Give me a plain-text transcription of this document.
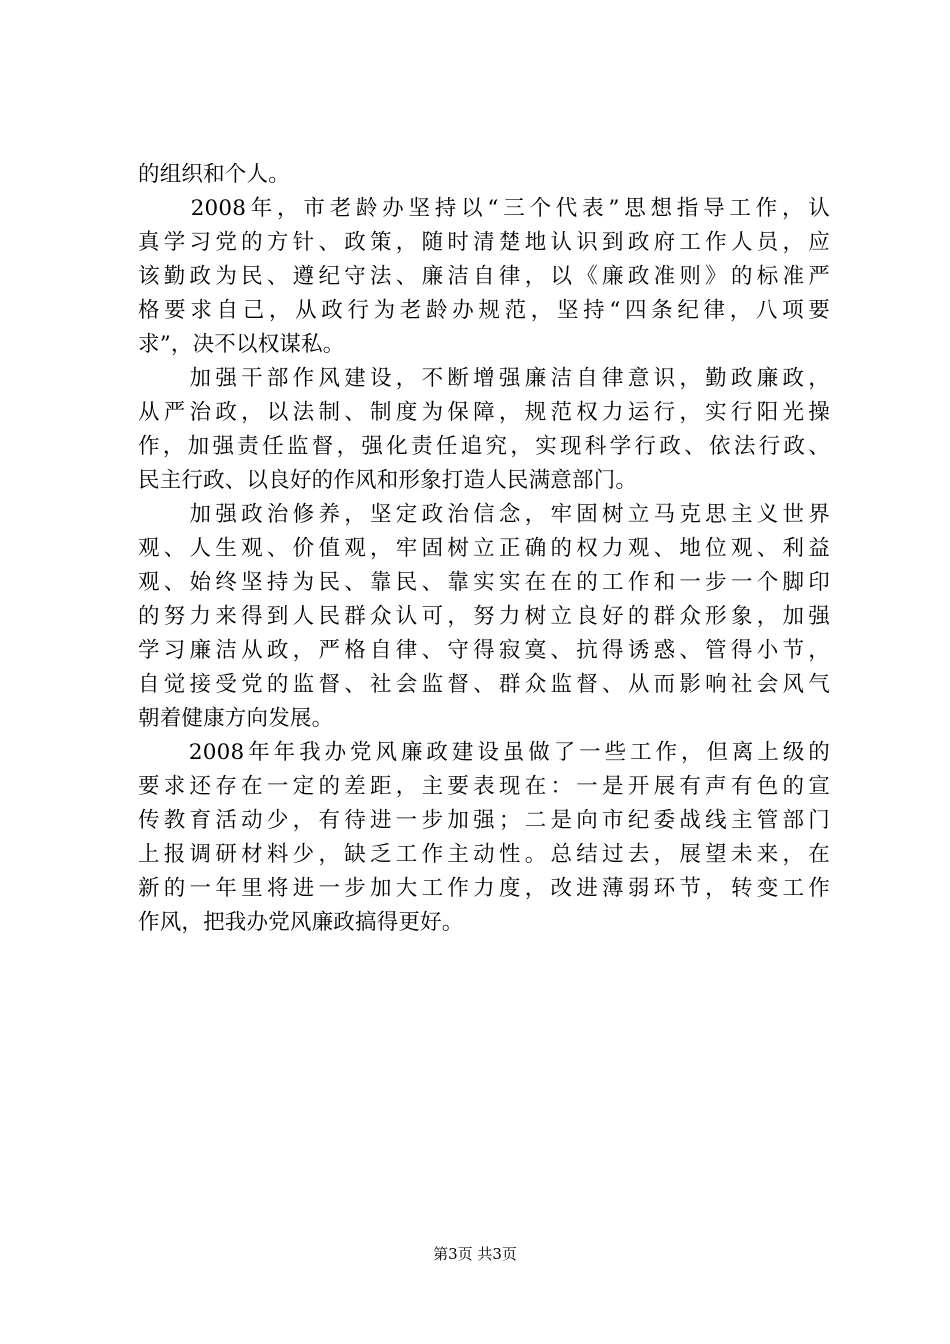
的组织和个人。
　　2008年，市老龄办坚持以“三个代表”思想指导工作，认
真学习党的方针、政策，随时清楚地认识到政府工作人员，应
该勤政为民、遵纪守法、廉洁自律，以《廉政准则》的标准严
格要求自己，从政行为老龄办规范，坚持“四条纪律，八项要
求”，决不以权谋私。
　　加强干部作风建设，不断增强廉洁自律意识，勤政廉政，
从严治政，以法制、制度为保障，规范权力运行，实行阳光操
作，加强责任监督，强化责任追究，实现科学行政、依法行政、
民主行政、以良好的作风和形象打造人民满意部门。
　　加强政治修养，坚定政治信念，牢固树立马克思主义世界
观、人生观、价值观，牢固树立正确的权力观、地位观、利益
观、始终坚持为民、靠民、靠实实在在的工作和一步一个脚印
的努力来得到人民群众认可，努力树立良好的群众形象，加强
学习廉洁从政，严格自律、守得寂寞、抗得诱惑、管得小节，
自觉接受党的监督、社会监督、群众监督、从而影响社会风气
朝着健康方向发展。
　　2008年年我办党风廉政建设虽做了一些工作，但离上级的
要求还存在一定的差距，主要表现在：一是开展有声有色的宣
传教育活动少，有待进一步加强；二是向市纪委战线主管部门
上报调研材料少，缺乏工作主动性。总结过去，展望未来，在
新的一年里将进一步加大工作力度，改进薄弱环节，转变工作
作风，把我办党风廉政搞得更好。
第3页 共3页
